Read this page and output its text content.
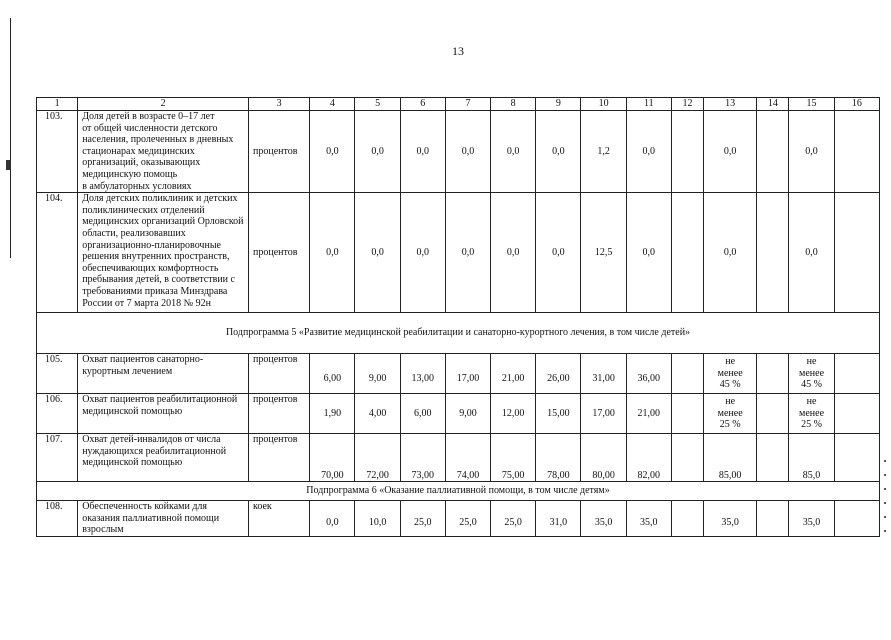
13
1	2	3	4	5	6	7	8	9	10	11	12	13	14	15	16
103.	Доля детей в возрасте 0–17 лет
от общей численности детского населения, пролеченных в дневных стационарах медицинских организаций, оказывающих медицинскую помощь
в амбулаторных условиях	процентов	0,0	0,0	0,0	0,0	0,0	0,0	1,2	0,0		0,0		0,0	
104.	Доля детских поликлиник и детских поликлинических отделений медицинских организаций Орловской области, реализовавших организационно-планировочные решения внутренних пространств, обеспечивающих комфортность пребывания детей, в соответствии с требованиями приказа Минздрава России от 7 марта 2018 № 92н	процентов	0,0	0,0	0,0	0,0	0,0	0,0	12,5	0,0		0,0		0,0	
Подпрограмма 5 «Развитие медицинской реабилитации и санаторно-курортного лечения, в том числе детей»															
105.	Охват пациентов санаторно-курортным лечением	процентов	6,00	9,00	13,00	17,00	21,00	26,00	31,00	36,00		не
менее
45 %		не
менее
45 %	
106.	Охват пациентов реабилитационной медицинской помощью	процентов	1,90	4,00	6,00	9,00	12,00	15,00	17,00	21,00		не
менее
25 %		не
менее
25 %	
107.	Охват детей-инвалидов от числа нуждающихся реабилитационной медицинской помощью	процентов	70,00	72,00	73,00	74,00	75,00	78,00	80,00	82,00		85,00		85,0	
Подпрограмма 6 «Оказание паллиативной помощи, в том числе детям»															
108.	Обеспеченность койками для оказания паллиативной помощи взрослым	коек	0,0	10,0	25,0	25,0	25,0	31,0	35,0	35,0		35,0		35,0	
